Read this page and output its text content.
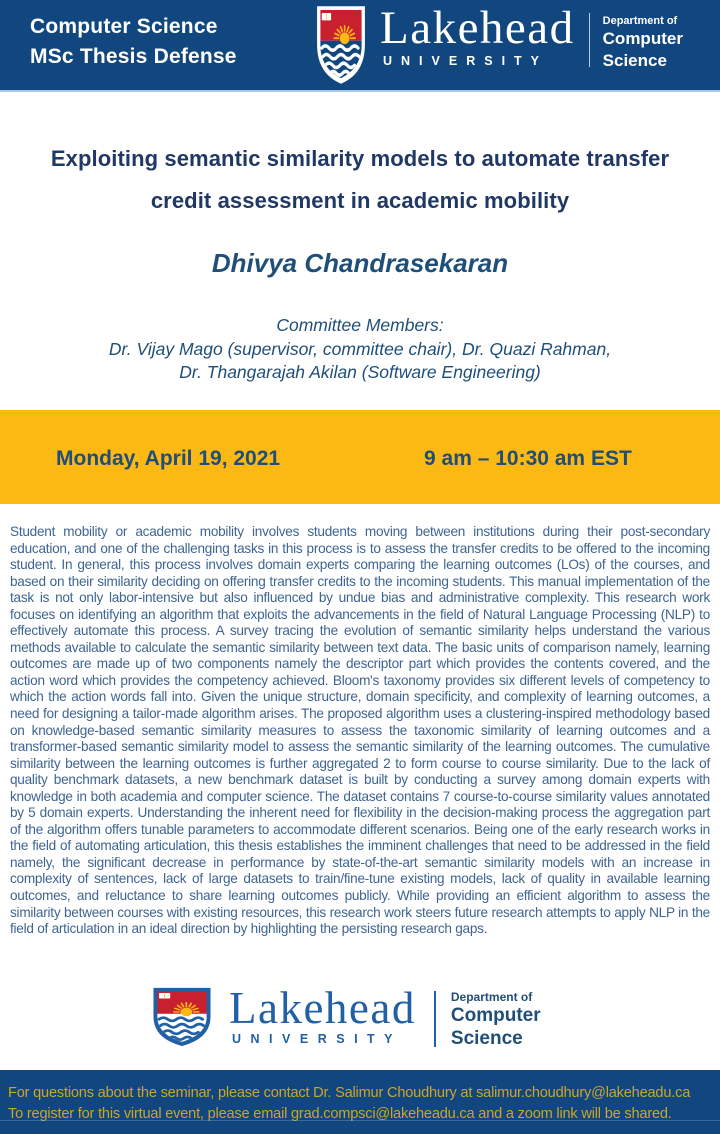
Computer Science
MSc Thesis Defense
Lakehead
UNIVERSITY
Department of
Computer
Science
Exploiting semantic similarity models to automate transfer
credit assessment in academic mobility
Dhivya Chandrasekaran
Committee Members:
Dr. Vijay Mago (supervisor, committee chair), Dr. Quazi Rahman,
Dr. Thangarajah Akilan (Software Engineering)
Monday, April 19, 2021	9 am – 10:30 am EST
Student mobility or academic mobility involves students moving between institutions during their post-secondary education, and one of the challenging tasks in this process is to assess the transfer credits to be offered to the incoming student. In general, this process involves domain experts comparing the learning outcomes (LOs) of the courses, and based on their similarity deciding on offering transfer credits to the incoming students. This manual implementation of the task is not only labor-intensive but also influenced by undue bias and administrative complexity. This research work focuses on identifying an algorithm that exploits the advancements in the field of Natural Language Processing (NLP) to effectively automate this process. A survey tracing the evolution of semantic similarity helps understand the various methods available to calculate the semantic similarity between text data. The basic units of comparison namely, learning outcomes are made up of two components namely the descriptor part which provides the contents covered, and the action word which provides the competency achieved. Bloom's taxonomy provides six different levels of competency to which the action words fall into. Given the unique structure, domain specificity, and complexity of learning outcomes, a need for designing a tailor-made algorithm arises. The proposed algorithm uses a clustering-inspired methodology based on knowledge-based semantic similarity measures to assess the taxonomic similarity of learning outcomes and a transformer-based semantic similarity model to assess the semantic similarity of the learning outcomes. The cumulative similarity between the learning outcomes is further aggregated 2 to form course to course similarity. Due to the lack of quality benchmark datasets, a new benchmark dataset is built by conducting a survey among domain experts with knowledge in both academia and computer science. The dataset contains 7 course-to-course similarity values annotated by 5 domain experts. Understanding the inherent need for flexibility in the decision-making process the aggregation part of the algorithm offers tunable parameters to accommodate different scenarios. Being one of the early research works in the field of automating articulation, this thesis establishes the imminent challenges that need to be addressed in the field namely, the significant decrease in performance by state-of-the-art semantic similarity models with an increase in complexity of sentences, lack of large datasets to train/fine-tune existing models, lack of quality in available learning outcomes, and reluctance to share learning outcomes publicly. While providing an efficient algorithm to assess the similarity between courses with existing resources, this research work steers future research attempts to apply NLP in the field of articulation in an ideal direction by highlighting the persisting research gaps.
Lakehead
UNIVERSITY
Department of
Computer
Science
For questions about the seminar, please contact Dr. Salimur Choudhury at salimur.choudhury@lakeheadu.ca
To register for this virtual event, please email grad.compsci@lakeheadu.ca and a zoom link will be shared.
